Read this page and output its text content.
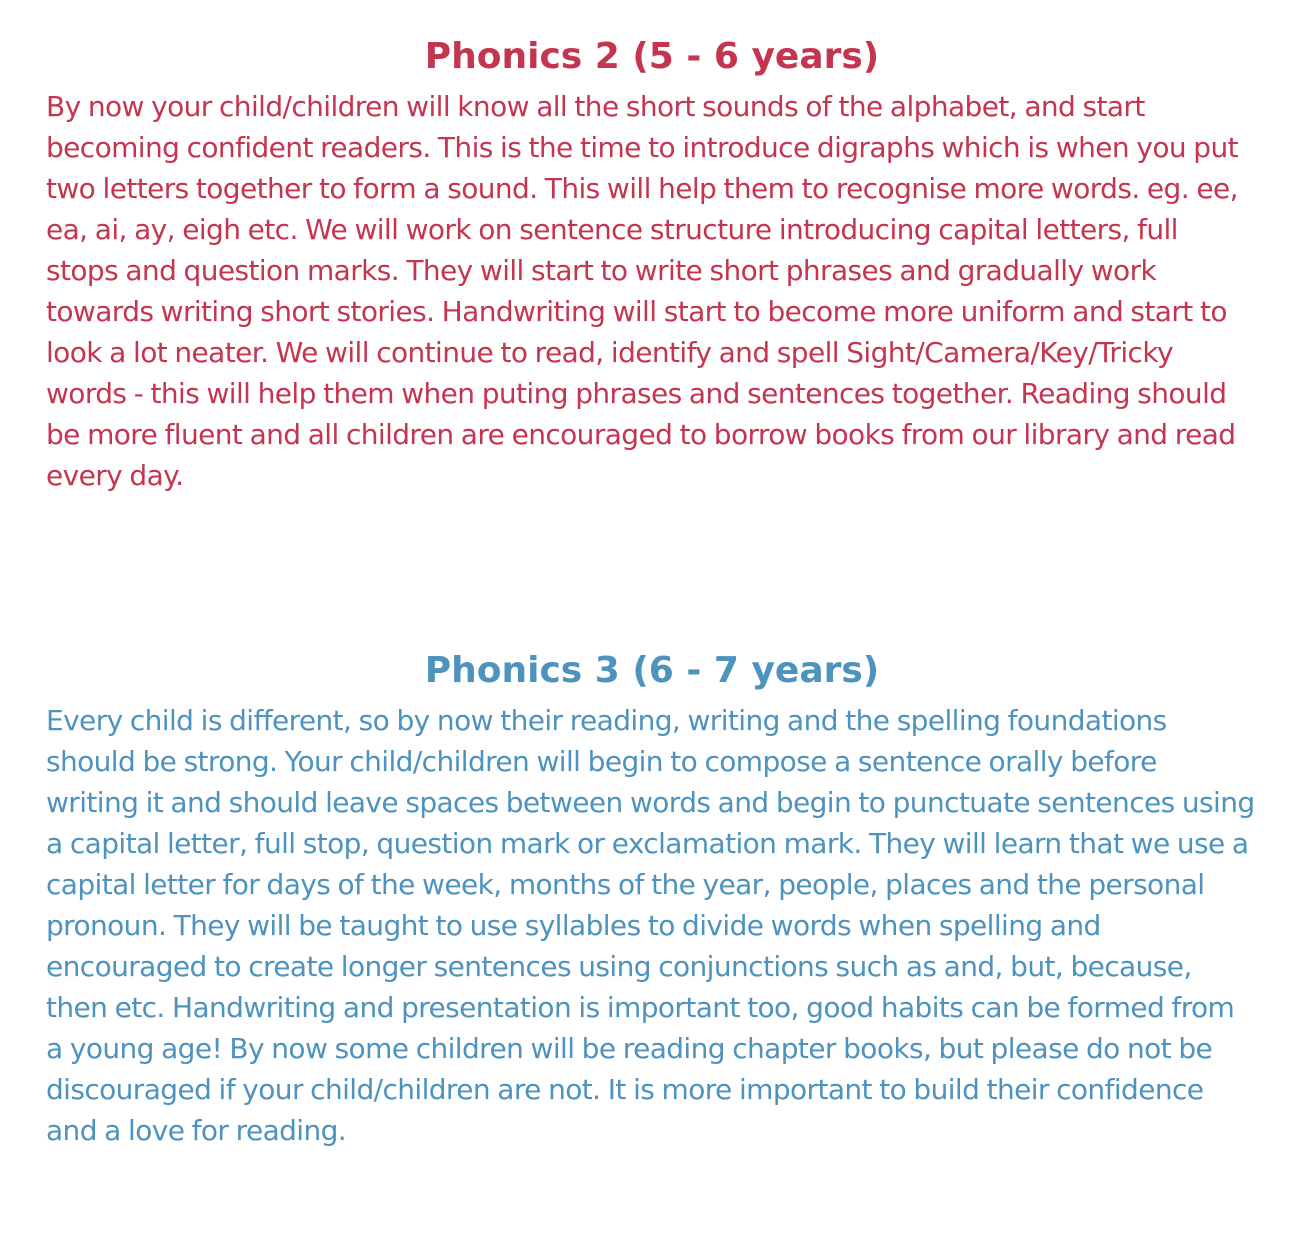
Phonics 2 (5 - 6 years)

By now your child/children will know all the short sounds of the alphabet, and start becoming confident readers. This is the time to introduce digraphs which is when you put two letters together to form a sound. This will help them to recognise more words. eg. ee, ea, ai, ay, eigh etc. We will work on sentence structure introducing capital letters, full stops and question marks. They will start to write short phrases and gradually work towards writing short stories. Handwriting will start to become more uniform and start to look a lot neater. We will continue to read, identify and spell Sight/Camera/Key/Tricky words - this will help them when puting phrases and sentences together. Reading should be more fluent and all children are encouraged to borrow books from our library and read every day.

Phonics 3 (6 - 7 years)

Every child is different, so by now their reading, writing and the spelling foundations should be strong. Your child/children will begin to compose a sentence orally before writing it and should leave spaces between words and begin to punctuate sentences using a capital letter, full stop, question mark or exclamation mark. They will learn that we use a capital letter for days of the week, months of the year, people, places and the personal pronoun. They will be taught to use syllables to divide words when spelling and encouraged to create longer sentences using conjunctions such as and, but, because, then etc. Handwriting and presentation is important too, good habits can be formed from a young age! By now some children will be reading chapter books, but please do not be discouraged if your child/children are not. It is more important to build their confidence and a love for reading.
